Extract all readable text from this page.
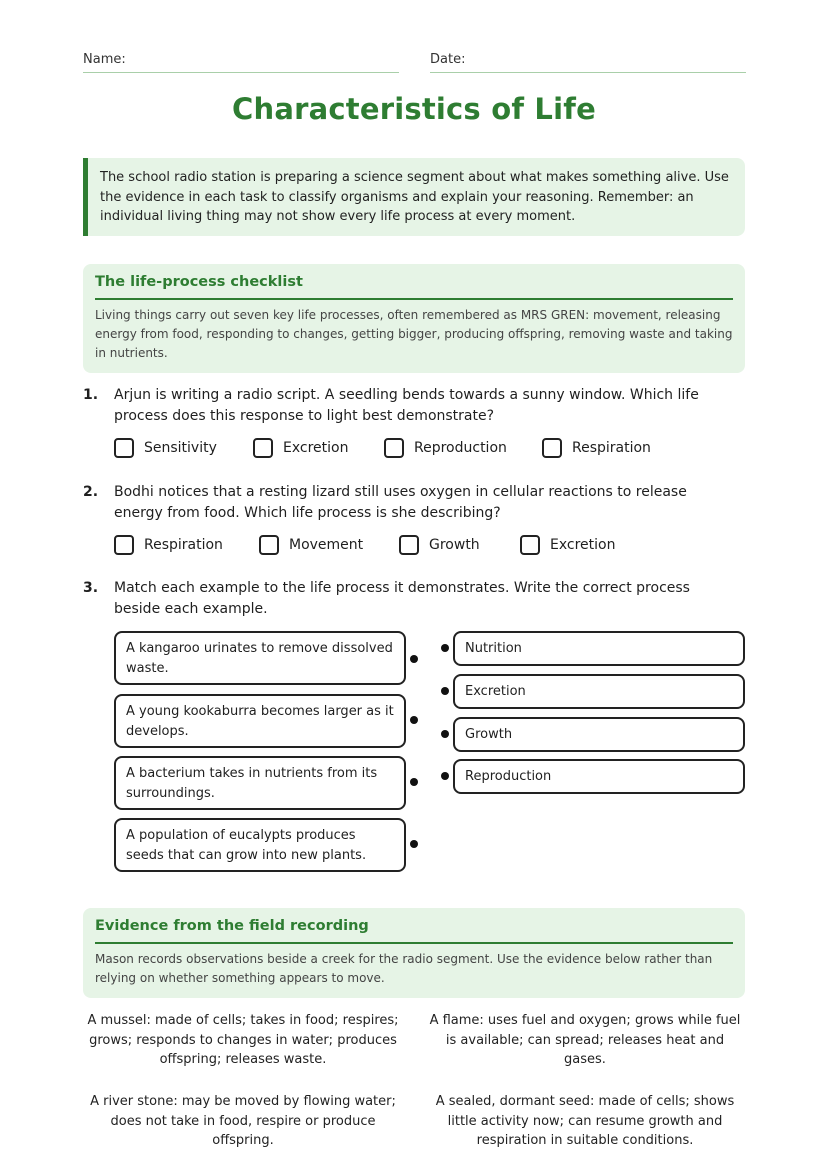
Name:	Date:
Characteristics of Life
The school radio station is preparing a science segment about what makes something alive. Use the evidence in each task to classify organisms and explain your reasoning. Remember: an individual living thing may not show every life process at every moment.
The life-process checklist
Living things carry out seven key life processes, often remembered as MRS GREN: movement, releasing energy from food, responding to changes, getting bigger, producing offspring, removing waste and taking in nutrients.
1. Arjun is writing a radio script. A seedling bends towards a sunny window. Which life process does this response to light best demonstrate?
Sensitivity	Excretion	Reproduction	Respiration
2. Bodhi notices that a resting lizard still uses oxygen in cellular reactions to release energy from food. Which life process is she describing?
Respiration	Movement	Growth	Excretion
3. Match each example to the life process it demonstrates. Write the correct process beside each example.
A kangaroo urinates to remove dissolved waste.
A young kookaburra becomes larger as it develops.
A bacterium takes in nutrients from its surroundings.
A population of eucalypts produces seeds that can grow into new plants.
Nutrition
Excretion
Growth
Reproduction
Evidence from the field recording
Mason records observations beside a creek for the radio segment. Use the evidence below rather than relying on whether something appears to move.
A mussel: made of cells; takes in food; respires; grows; responds to changes in water; produces offspring; releases waste.
A flame: uses fuel and oxygen; grows while fuel is available; can spread; releases heat and gases.
A river stone: may be moved by flowing water; does not take in food, respire or produce offspring.
A sealed, dormant seed: made of cells; shows little activity now; can resume growth and respiration in suitable conditions.
